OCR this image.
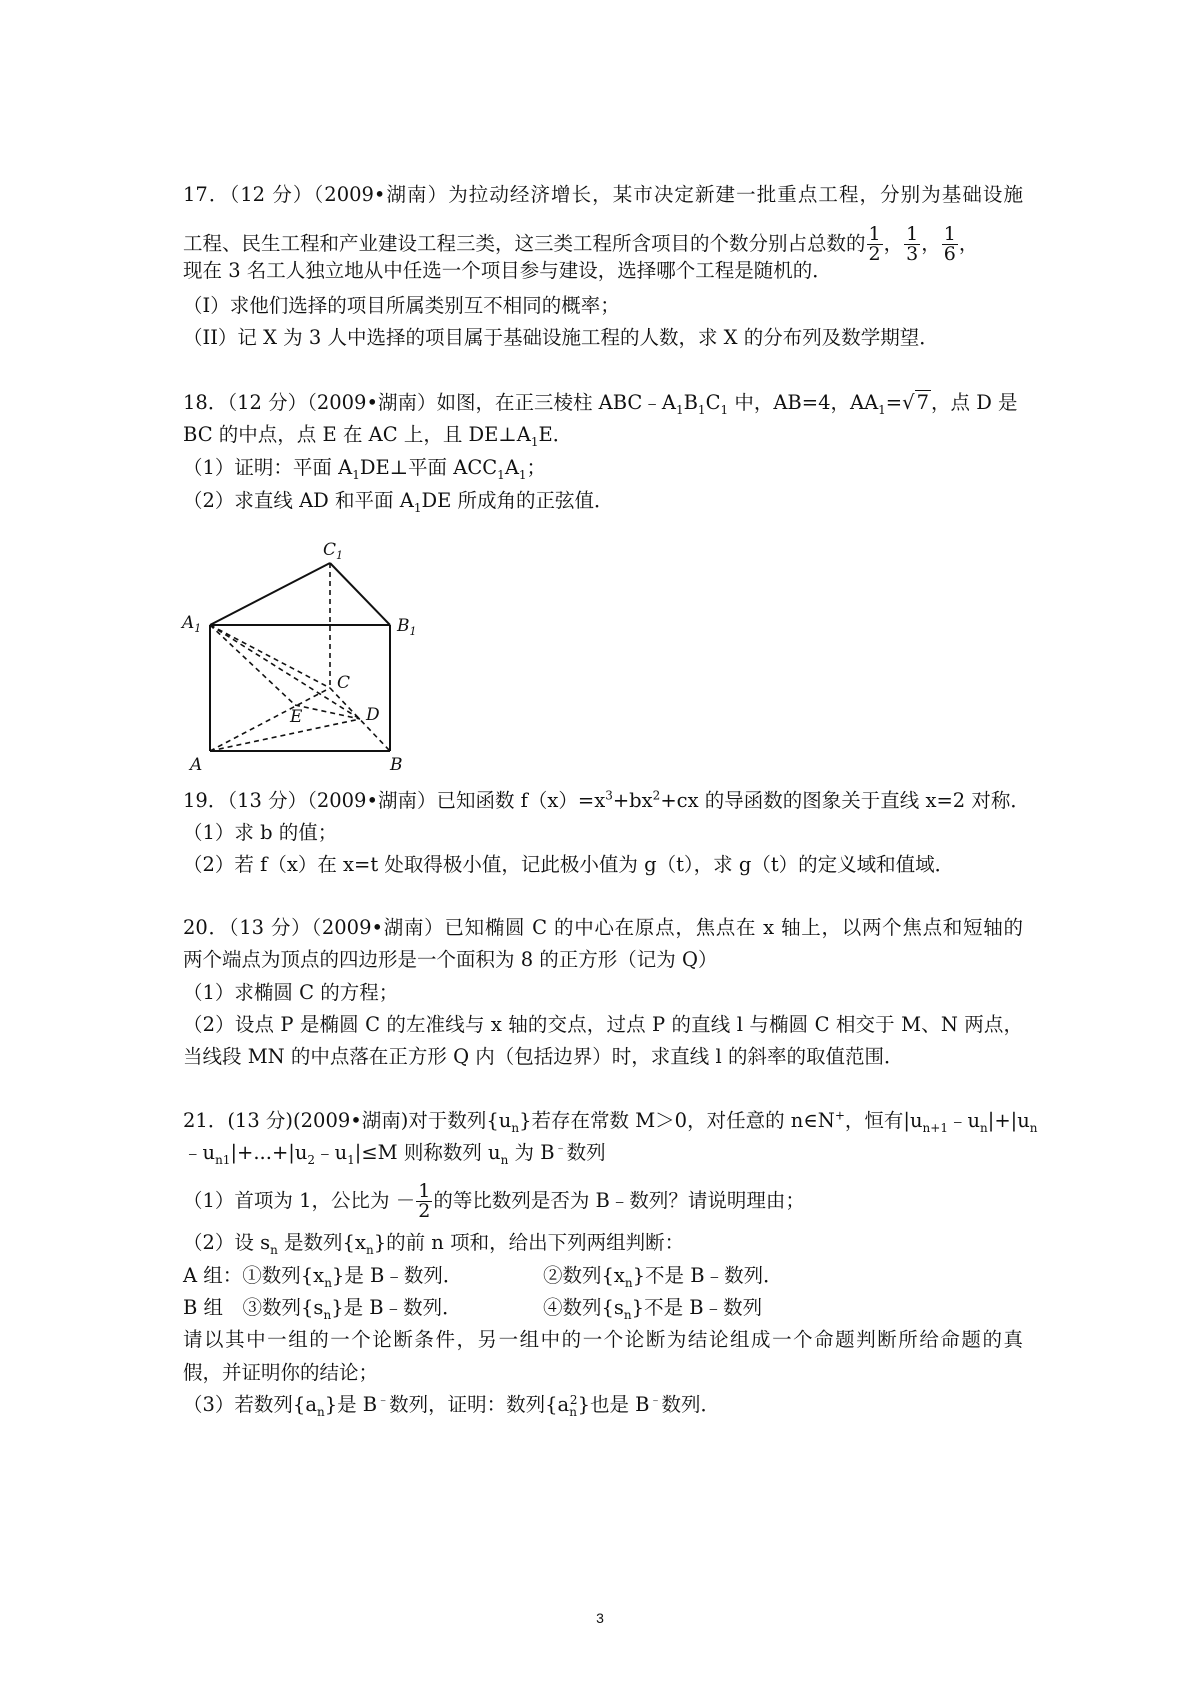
17．（12 分）（2009•湖南）为拉动经济增长，某市决定新建一批重点工程，分别为基础设施
工程、民生工程和产业建设工程三类，这三类工程所含项目的个数分别占总数的 $\frac{1}{2}$ ， $\frac{1}{3}$ ， $\frac{1}{6}$ ，
现在 3 名工人独立地从中任选一个项目参与建设，选择哪个工程是随机的．
（I）求他们选择的项目所属类别互不相同的概率；
（II）记 X 为 3 人中选择的项目属于基础设施工程的人数，求 X 的分布列及数学期望．
18．（12 分）（2009•湖南）如图，在正三棱柱 $ABC﹣A_1B_1C_1$ 中，AB=4，$AA_1=√$ 7 ，点 D 是
BC 的中点，点 E 在 AC 上，且 $DE\perp A_1E$．
（1）证明：平面 $A_1DE\perp$平面 $ACC_1A_1$；
（2）求直线 AD 和平面 $A_1DE$ 所成角的正弦值．
$C_1$
$A_1$	$B_1$
C
E	D
A	B
19．（13 分）（2009•湖南）已知函数 $f(x)=x^3+bx^2+cx$ 的导函数的图象关于直线 x=2 对称．
（1）求 b 的值；
（2）若 f（x）在 x=t 处取得极小值，记此极小值为 g（t），求 g（t）的定义域和值域．
20．（13 分）（2009•湖南）已知椭圆 C 的中心在原点，焦点在 x 轴上，以两个焦点和短轴的
两个端点为顶点的四边形是一个面积为 8 的正方形（记为 Q）
（1）求椭圆 C 的方程；
（2）设点 P 是椭圆 C 的左准线与 x 轴的交点，过点 P 的直线 l 与椭圆 C 相交于 M、N 两点，
当线段 MN 的中点落在正方形 Q 内（包括边界）时，求直线 l 的斜率的取值范围．
21．(13 分)(2009•湖南)对于数列$\{u_n\}$若存在常数 M＞0，对任意的 n∈N+，恒有$|u_{n+1}﹣u_n|+|u_n$
$﹣u_{n1}|+...+|u_2﹣u_1|\le M$ 则称数列 $u_n$ 为 B﹣数列
（1）首项为 1，公比为 － $\frac{1}{2}$ 的等比数列是否为 B﹣数列？请说明理由；
（2）设 $s_n$ 是数列$\{x_n\}$的前 n 项和，给出下列两组判断：
A 组：①数列$\{x_n\}$是 B﹣数列．	②数列$\{x_n\}$不是 B﹣数列．
B 组　③数列$\{s_n\}$是 B﹣数列．	④数列$\{s_n\}$不是 B﹣数列
请以其中一组的一个论断条件，另一组中的一个论断为结论组成一个命题判断所给命题的真
假，并证明你的结论；
（3）若数列$\{a_n\}$是 B﹣数列，证明：数列$\{a_n^2\}$也是 B﹣数列．
3
